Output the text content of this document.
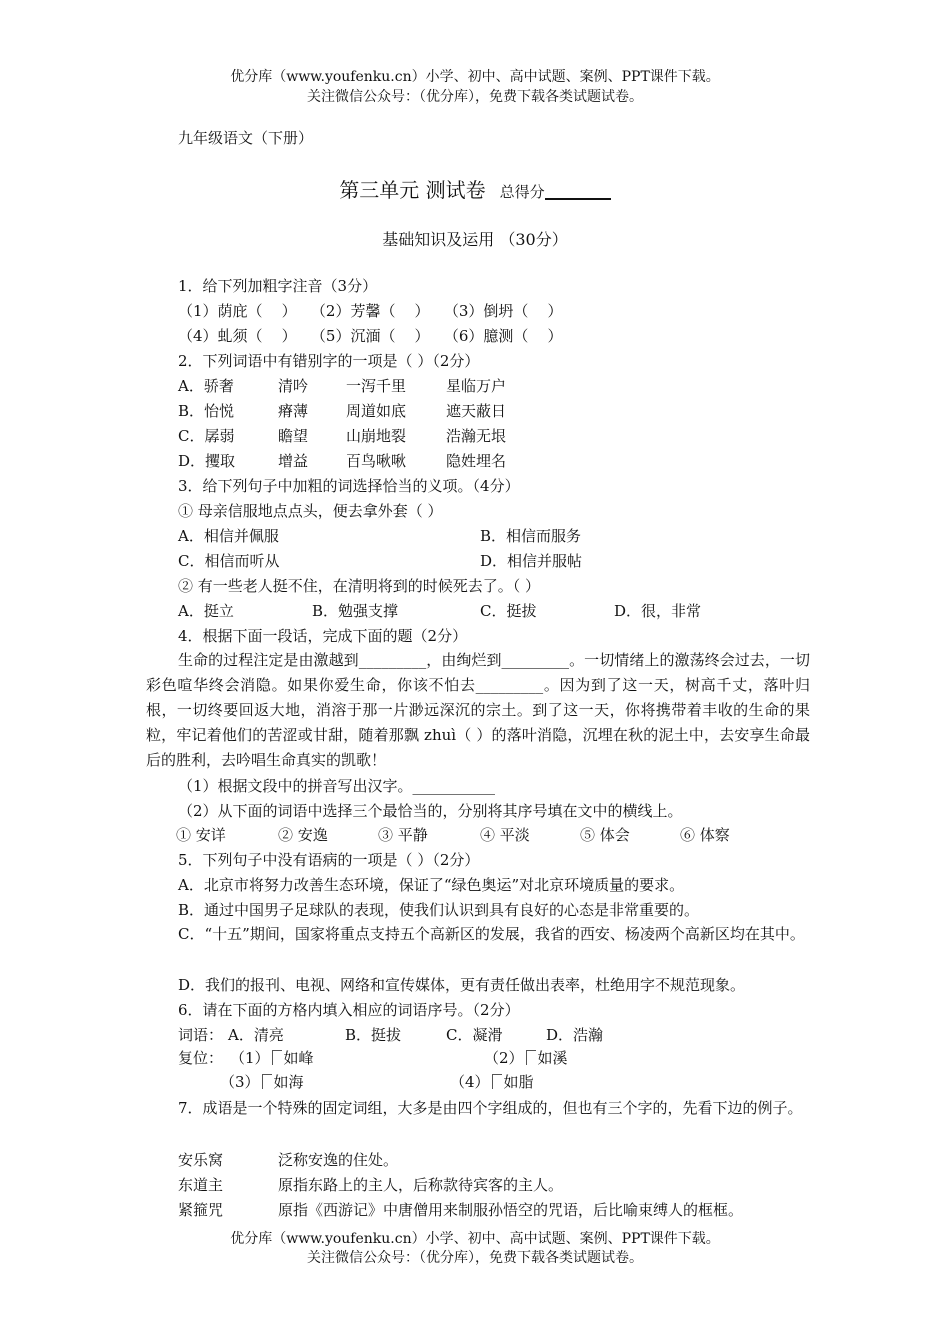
优分库（www.youfenku.cn）小学、初中、高中试题、案例、PPT课件下载。
关注微信公众号：（优分库），免费下载各类试题试卷。
九年级语文（下册）
第三单元 测试卷 总得分
基础知识及运用 （30分）
1．给下列加粗字注音（3分）
（1）荫庇（    ）   （2）芳馨（    ）   （3）倒坍（    ）
（4）虬须（    ）   （5）沉湎（    ）   （6）臆测（    ）
2．下列词语中有错别字的一项是（ ）（2分）
A．骄奢	清吟	一泻千里	星临万户
B．怡悦	瘠薄	周道如底	遮天蔽日
C．孱弱	瞻望	山崩地裂	浩瀚无垠
D．攫取	增益	百鸟啾啾	隐姓埋名
3．给下列句子中加粗的词选择恰当的义项。（4分）
① 母亲信服地点点头，便去拿外套（ ）
A．相信并佩服	B．相信而服务
C．相信而听从	D．相信并服帖
② 有一些老人挺不住，在清明将到的时候死去了。（ ）
A．挺立	B．勉强支撑	C．挺拔	D．很，非常
4．根据下面一段话，完成下面的题（2分）
生命的过程注定是由激越到_________，由绚烂到_________。一切情绪上的激荡终会过去，一切彩色喧华终会消隐。如果你爱生命，你该不怕去_________。因为到了这一天，树高千丈，落叶归根，一切终要回返大地，消溶于那一片渺远深沉的宗土。到了这一天，你将携带着丰收的生命的果粒，牢记着他们的苦涩或甘甜，随着那飘 zhuì（ ）的落叶消隐，沉埋在秋的泥土中，去安享生命最后的胜利，去吟唱生命真实的凯歌！
（1）根据文段中的拼音写出汉字。___________
（2）从下面的词语中选择三个最恰当的，分别将其序号填在文中的横线上。
① 安详	② 安逸	③ 平静	④ 平淡	⑤ 体会	⑥ 体察
5．下列句子中没有语病的一项是（ ）（2分）
A．北京市将努力改善生态环境，保证了“绿色奥运”对北京环境质量的要求。
B．通过中国男子足球队的表现，使我们认识到具有良好的心态是非常重要的。
C．“十五”期间，国家将重点支持五个高新区的发展，我省的西安、杨凌两个高新区均在其中。
D．我们的报刊、电视、网络和宣传媒体，更有责任做出表率，杜绝用字不规范现象。
6．请在下面的方格内填入相应的词语序号。（2分）
词语： A．清亮	B．挺拔	C．凝滑	D．浩瀚
复位： （1） 如峰	（2） 如溪
（3） 如海	（4） 如脂
7．成语是一个特殊的固定词组，大多是由四个字组成的，但也有三个字的，先看下边的例子。
安乐窝	泛称安逸的住处。
东道主	原指东路上的主人，后称款待宾客的主人。
紧箍咒	原指《西游记》中唐僧用来制服孙悟空的咒语，后比喻束缚人的框框。
优分库（www.youfenku.cn）小学、初中、高中试题、案例、PPT课件下载。
关注微信公众号：（优分库），免费下载各类试题试卷。
